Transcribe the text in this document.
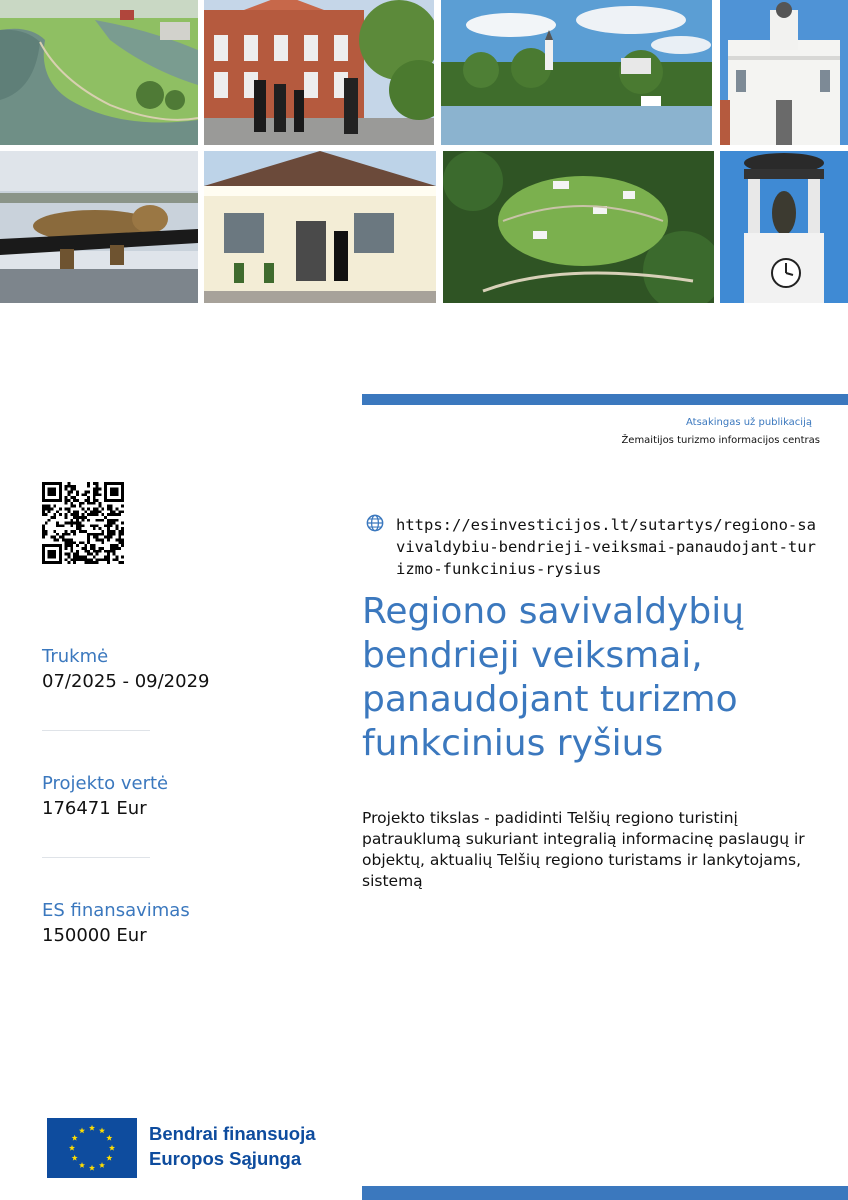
Atsakingas už publikaciją
Žemaitijos turizmo informacijos centras
https://esinvesticijos.lt/sutartys/regiono-savivaldybiu-bendrieji-veiksmai-panaudojant-turizmo-funkcinius-rysius
Regiono savivaldybių bendrieji veiksmai, panaudojant turizmo funkcinius ryšius

Projekto tikslas - padidinti Telšių regiono turistinį patrauklumą sukuriant integralią informacinę paslaugų ir objektų, aktualių Telšių regiono turistams ir lankytojams, sistemą

Trukmė
07/2025 - 09/2029
Projekto vertė
176471 Eur
ES finansavimas
150000 Eur
Bendrai finansuoja
Europos Sąjunga
